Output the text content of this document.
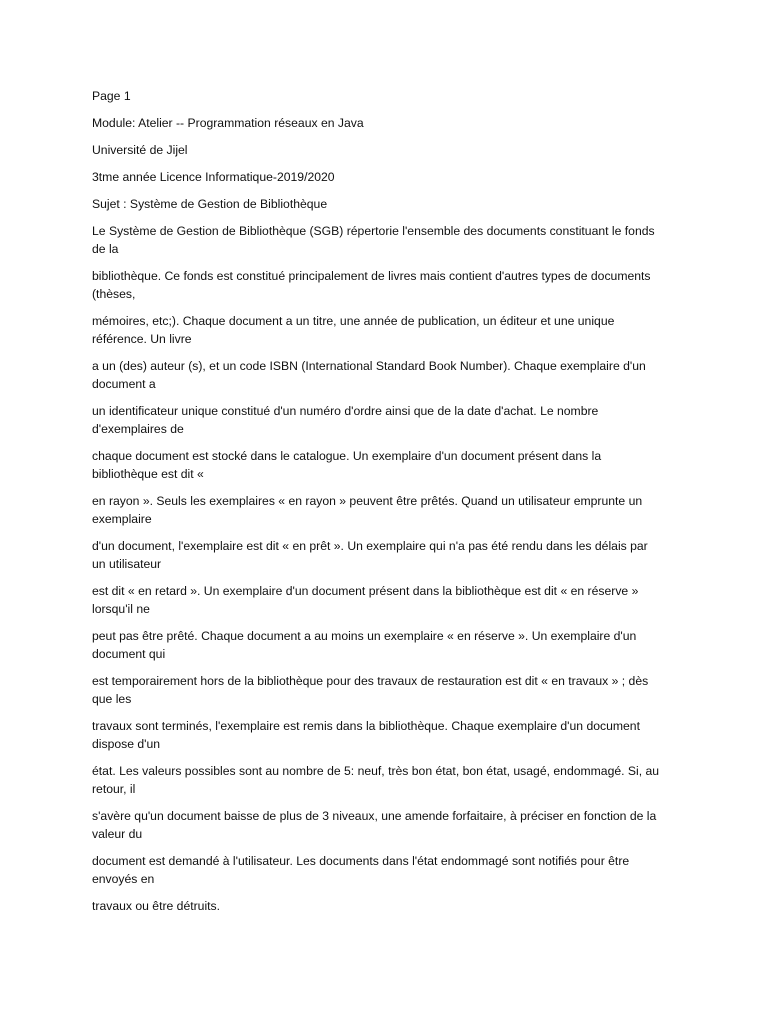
Page 1
Module: Atelier -- Programmation réseaux en Java
Université de Jijel
3tme année Licence Informatique-2019/2020
Sujet : Système de Gestion de Bibliothèque
Le Système de Gestion de Bibliothèque (SGB) répertorie l'ensemble des documents constituant le fonds de la
bibliothèque. Ce fonds est constitué principalement de livres mais contient d'autres types de documents (thèses,
mémoires, etc;). Chaque document a un titre, une année de publication, un éditeur et une unique référence. Un livre
a un (des) auteur (s), et un code ISBN (International Standard Book Number). Chaque exemplaire d'un document a
un identificateur unique constitué d'un numéro d'ordre ainsi que de la date d'achat. Le nombre d'exemplaires de
chaque document est stocké dans le catalogue. Un exemplaire d'un document présent dans la bibliothèque est dit «
en rayon ». Seuls les exemplaires « en rayon » peuvent être prêtés. Quand un utilisateur emprunte un exemplaire
d'un document, l'exemplaire est dit « en prêt ». Un exemplaire qui n'a pas été rendu dans les délais par un utilisateur
est dit « en retard ». Un exemplaire d'un document présent dans la bibliothèque est dit « en réserve » lorsqu'il ne
peut pas être prêté. Chaque document a au moins un exemplaire « en réserve ». Un exemplaire d'un document qui
est temporairement hors de la bibliothèque pour des travaux de restauration est dit « en travaux » ; dès que les
travaux sont terminés, l'exemplaire est remis dans la bibliothèque. Chaque exemplaire d'un document dispose d'un
état. Les valeurs possibles sont au nombre de 5: neuf, très bon état, bon état, usagé, endommagé. Si, au retour, il
s'avère qu'un document baisse de plus de 3 niveaux, une amende forfaitaire, à préciser en fonction de la valeur du
document est demandé à l'utilisateur. Les documents dans l'état endommagé sont notifiés pour être envoyés en
travaux ou être détruits.
